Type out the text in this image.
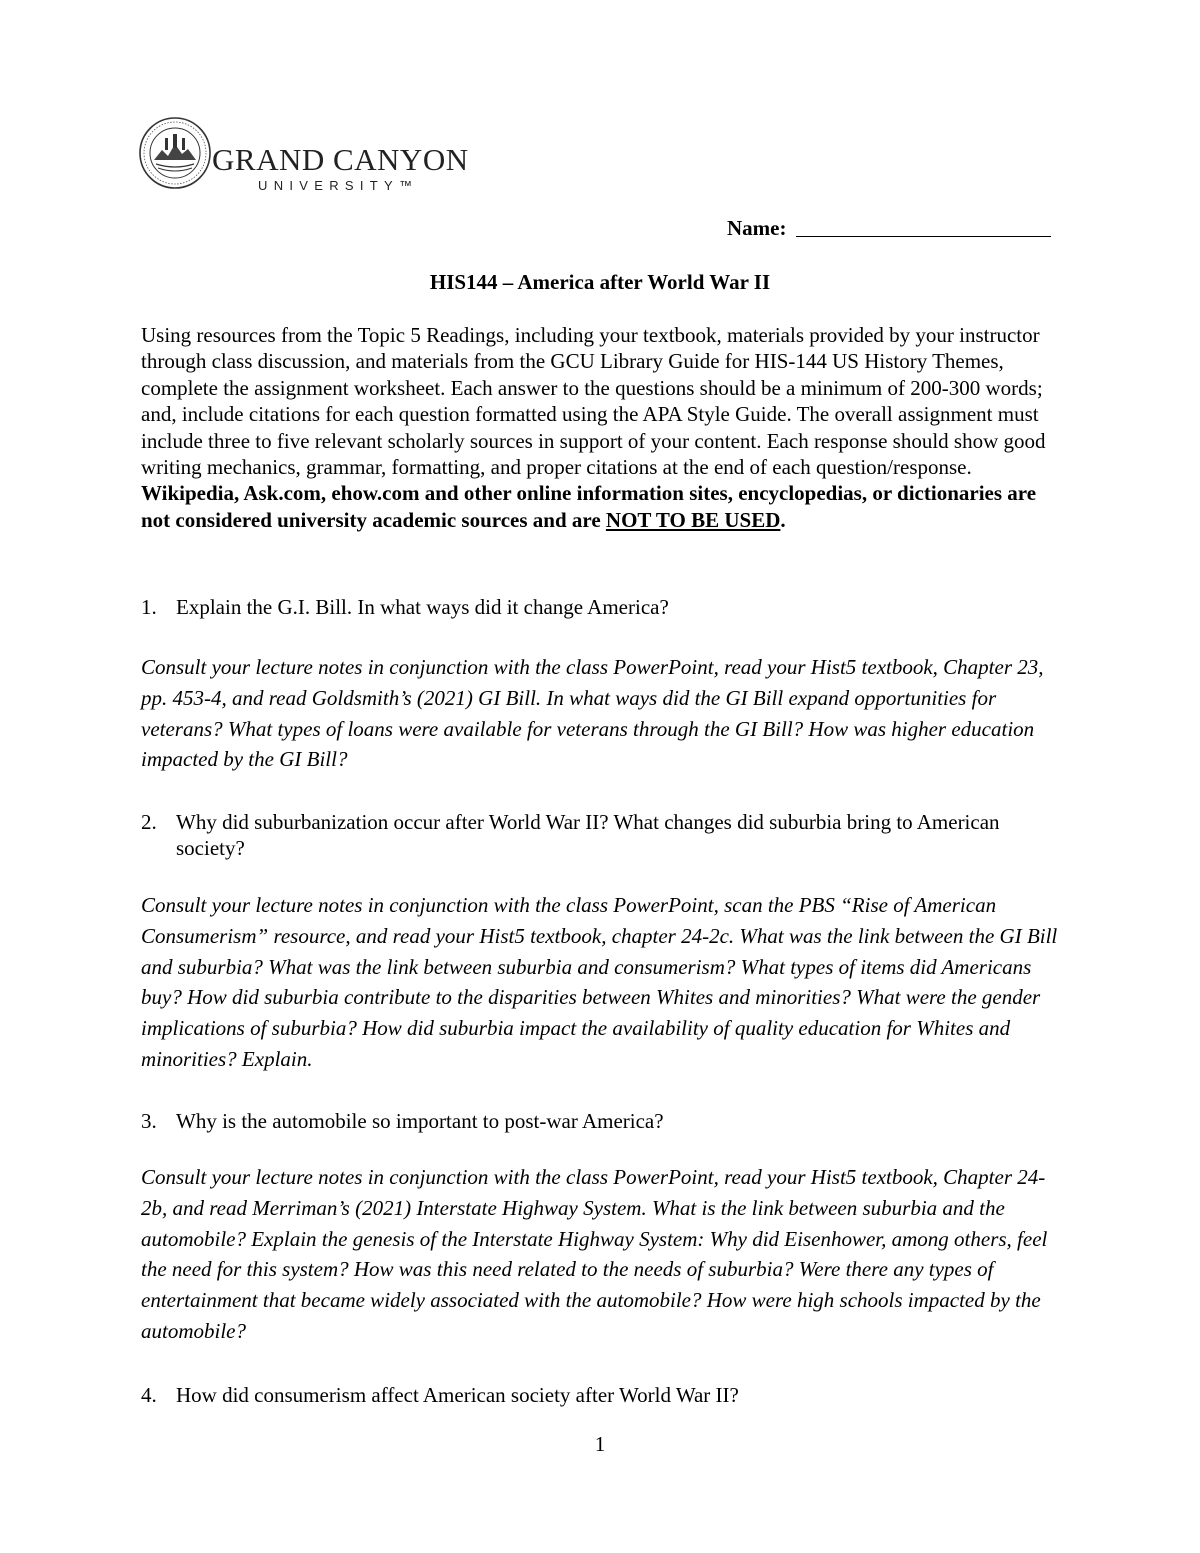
GRAND CANYON
UNIVERSITY™
Name:
HIS144 – America after World War II
Using resources from the Topic 5 Readings, including your textbook, materials provided by your instructor through class discussion, and materials from the GCU Library Guide for HIS-144 US History Themes, complete the assignment worksheet. Each answer to the questions should be a minimum of 200-300 words; and, include citations for each question formatted using the APA Style Guide. The overall assignment must include three to five relevant scholarly sources in support of your content. Each response should show good writing mechanics, grammar, formatting, and proper citations at the end of each question/response. Wikipedia, Ask.com, ehow.com and other online information sites, encyclopedias, or dictionaries are not considered university academic sources and are NOT TO BE USED.
1. Explain the G.I. Bill. In what ways did it change America?
Consult your lecture notes in conjunction with the class PowerPoint, read your Hist5 textbook, Chapter 23, pp. 453-4, and read Goldsmith’s (2021) GI Bill. In what ways did the GI Bill expand opportunities for veterans? What types of loans were available for veterans through the GI Bill? How was higher education impacted by the GI Bill?
2. Why did suburbanization occur after World War II? What changes did suburbia bring to American society?
Consult your lecture notes in conjunction with the class PowerPoint, scan the PBS “Rise of American Consumerism” resource, and read your Hist5 textbook, chapter 24-2c. What was the link between the GI Bill and suburbia? What was the link between suburbia and consumerism? What types of items did Americans buy? How did suburbia contribute to the disparities between Whites and minorities? What were the gender implications of suburbia? How did suburbia impact the availability of quality education for Whites and minorities? Explain.
3. Why is the automobile so important to post-war America?
Consult your lecture notes in conjunction with the class PowerPoint, read your Hist5 textbook, Chapter 24-2b, and read Merriman’s (2021) Interstate Highway System. What is the link between suburbia and the automobile? Explain the genesis of the Interstate Highway System: Why did Eisenhower, among others, feel the need for this system? How was this need related to the needs of suburbia? Were there any types of entertainment that became widely associated with the automobile? How were high schools impacted by the automobile?
4. How did consumerism affect American society after World War II?
1
